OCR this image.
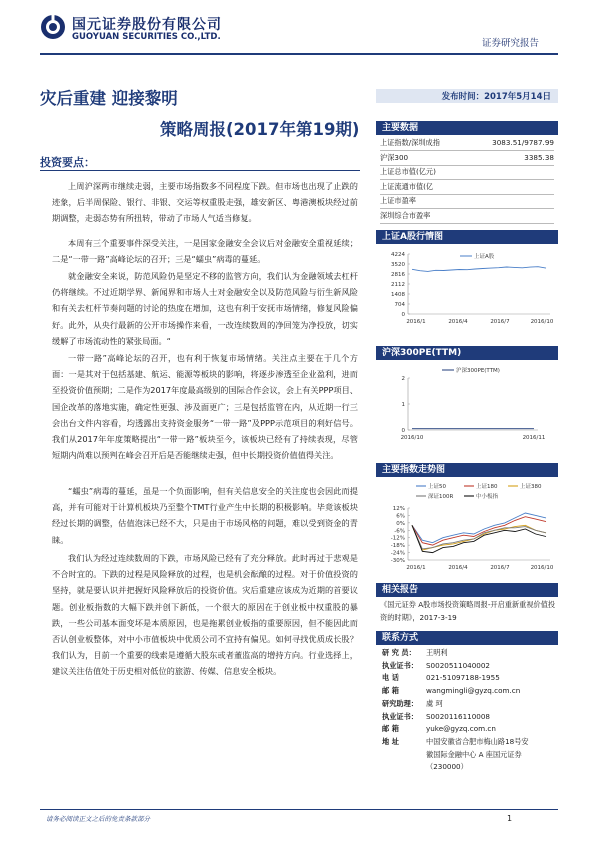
国元证券股份有限公司
GUOYUAN SECURITIES CO.,LTD.
证券研究报告
灾后重建 迎接黎明
策略周报(2017年第19期)
投资要点：
上周沪深两市继续走弱，主要市场指数多不同程度下跌。但市场也出现了止跌的迹象，后半周保险、银行、非银、交运等权重股走强，雄安新区、粤港澳板块经过前期调整，走弱态势有所扭转，带动了市场人气适当修复。
本周有三个重要事件深受关注，一是国家金融安全会议后对金融安全重视延续；二是“一带一路”高峰论坛的召开；三是“蠕虫”病毒的蔓延。
就金融安全来说，防范风险仍是坚定不移的监管方向，我们认为金融领域去杠杆仍将继续。不过近期学界、新闻界和市场人士对金融安全以及防范风险与衍生新风险和有关去杠杆节奏问题的讨论的热度在增加，这也有利于安抚市场情绪，修复风险偏好。此外，从央行最新的公开市场操作来看，一改连续数周的净回笼为净投放，切实缓解了市场流动性的紧张局面。“
一带一路”高峰论坛的召开，也有利于恢复市场情绪。关注点主要在于几个方面：一是其对于包括基建、航运、能源等板块的影响，将逐步渗透至企业盈利，进而至投资价值预期；二是作为2017年度最高级别的国际合作会议，会上有关PPP项目、国企改革的落地实施，确定性更强、涉及面更广；三是包括监管在内，从近期一行三会出台文件内容看，均透露出支持资金服务“一带一路”及PPP示范项目的利好信号。我们从2017年年度策略提出“一带一路”板块至今，该板块已经有了持续表现，尽管短期内尚难以预判在峰会召开后是否能继续走强，但中长期投资价值值得关注。
“蠕虫”病毒的蔓延，虽是一个负面影响，但有关信息安全的关注度也会因此而提高，并有可能对于计算机板块乃至整个TMT行业产生中长期的积极影响。毕竟该板块经过长期的调整，估值泡沫已经不大，只是由于市场风格的问题，难以受到资金的青睐。
我们认为经过连续数周的下跌，市场风险已经有了充分释放。此时再过于悲观是不合时宜的。下跌的过程是风险释放的过程，也是机会酝酿的过程。对于价值投资的坚持，就是要认识并把握好风险释放后的投资价值。灾后重建应该成为近期的首要议题。创业板指数的大幅下跌并创下新低，一个很大的原因在于创业板中权重股的暴跌，一些公司基本面变坏是本质原因，也是拖累创业板指的重要原因，但不能因此而否认创业板整体，对中小市值板块中优质公司不宜持有偏见。如何寻找优质成长股？我们认为，目前一个重要的线索是遵循大股东或者董监高的增持方向。行业选择上，建议关注估值处于历史相对低位的旅游、传媒、信息安全板块。
发布时间：2017年5月14日
主要数据
上证指数/深圳成指	3083.51/9787.99
沪深300	3385.38
上证总市值(亿元)
上证流通市值(亿
上证市盈率
深圳综合市盈率
上证A股行情图
4224
3520
2816
2112
1408
704
0
2016/1	2016/4	2016/7	2016/10
上证A股
沪深300PE(TTM)
2
1
0
2016/10	2016/11
沪深300PE(TTM)
主要指数走势图
12%
6%
0%
-6%
-12%
-18%
-24%
-30%
2016/1	2016/4	2016/7	2016/10
上证50	上证180	上证380
深证100R	中小板指
相关报告
《国元证券 A股市场投资策略周报-开启重新重视价值投资的时期》，2017-3-19
联系方式
研 究 员： 王明利
执业证书： S0020511040002
电 话	021-51097188-1955
邮 箱	wangmingli@gyzq.com.cn
研究助理： 虞 珂
执业证书： S0020116110008
邮 箱	yuke@gyzq.com.cn
地 址	中国安徽省合肥市梅山路18号安
徽国际金融中心 A 座国元证券
（230000）
请务必阅读正文之后的免责条款部分	1
